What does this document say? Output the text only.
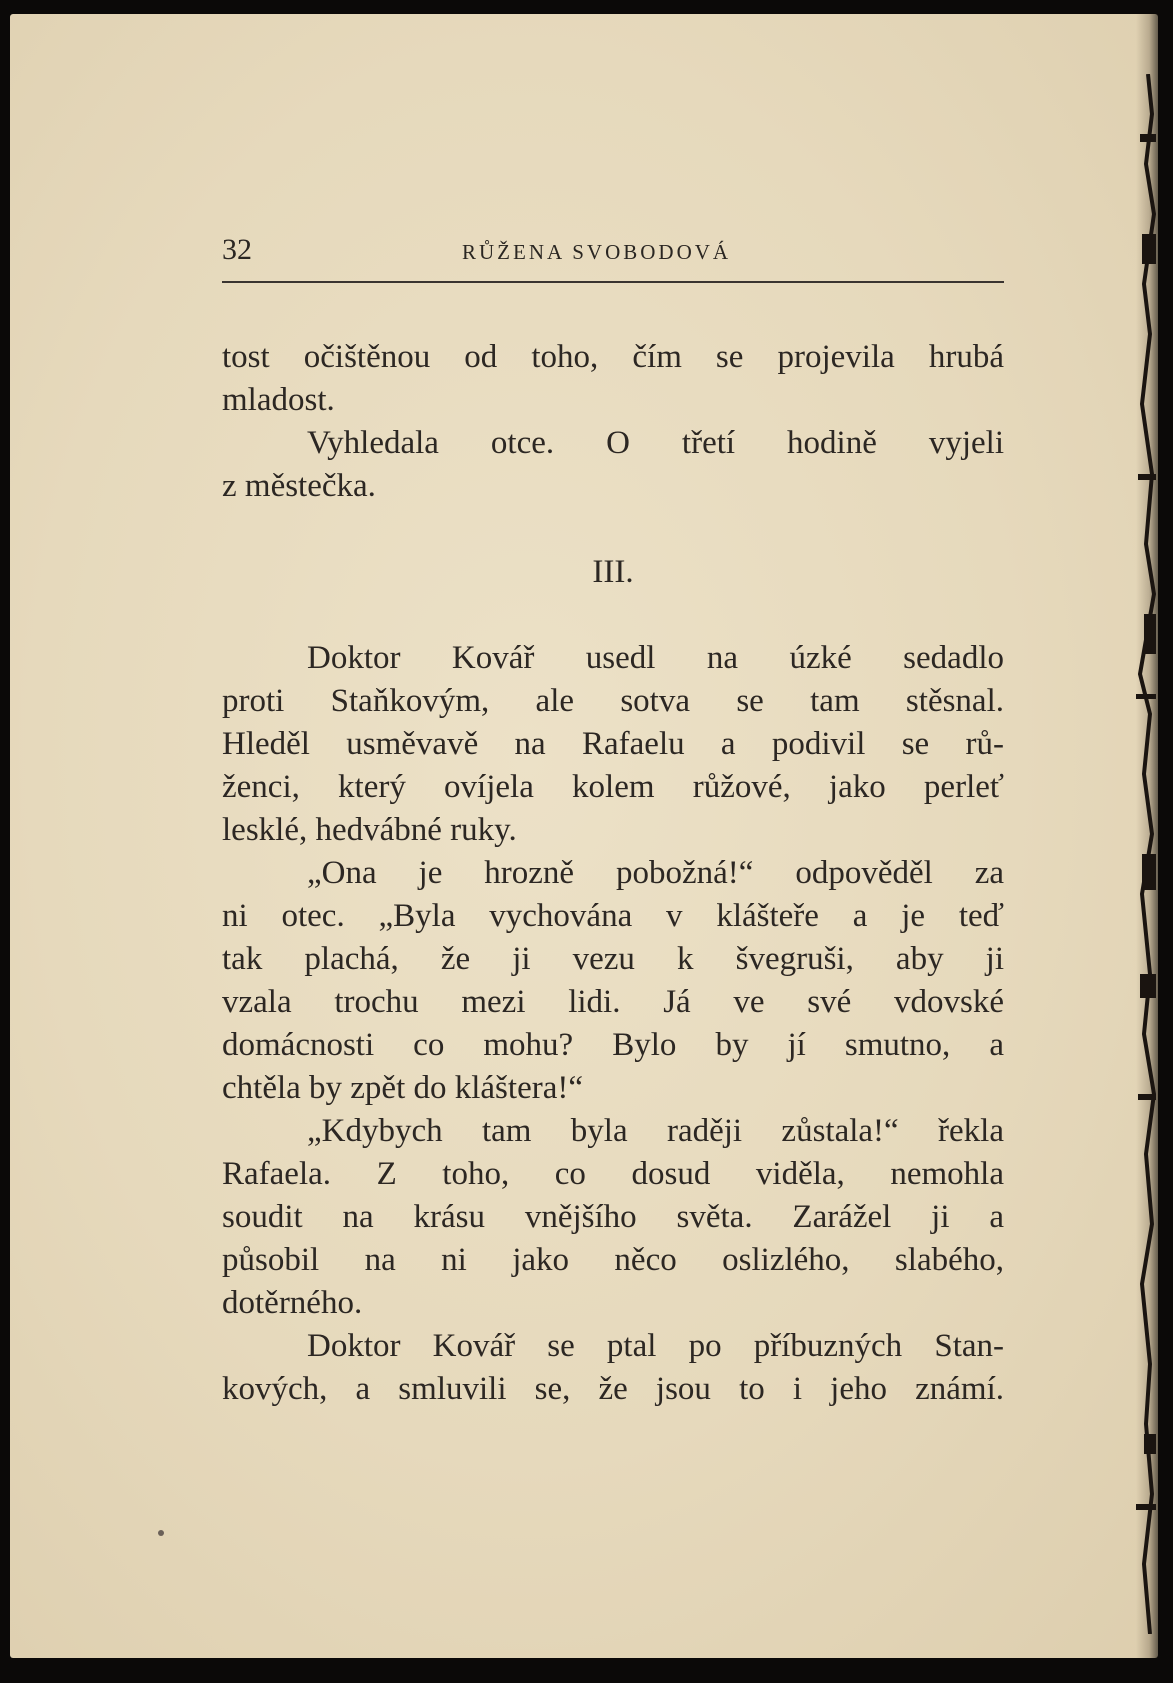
32	RŮŽENA SVOBODOVÁ
tost očištěnou od toho, čím se projevila hrubá
mladost.
Vyhledala otce. O třetí hodině vyjeli
z městečka.
III.
Doktor Kovář usedl na úzké sedadlo
proti Staňkovým, ale sotva se tam stěsnal.
Hleděl usměvavě na Rafaelu a podivil se rů-
ženci, který ovíjela kolem růžové, jako perleť
lesklé, hedvábné ruky.
„Ona je hrozně pobožná!“ odpověděl za
ni otec. „Byla vychována v klášteře a je teď
tak plachá, že ji vezu k švegruši, aby ji
vzala trochu mezi lidi. Já ve své vdovské
domácnosti co mohu? Bylo by jí smutno, a
chtěla by zpět do kláštera!“
„Kdybych tam byla raději zůstala!“ řekla
Rafaela. Z toho, co dosud viděla, nemohla
soudit na krásu vnějšího světa. Zarážel ji a
působil na ni jako něco oslizlého, slabého,
dotěrného.
Doktor Kovář se ptal po příbuzných Stan-
kových, a smluvili se, že jsou to i jeho známí.
